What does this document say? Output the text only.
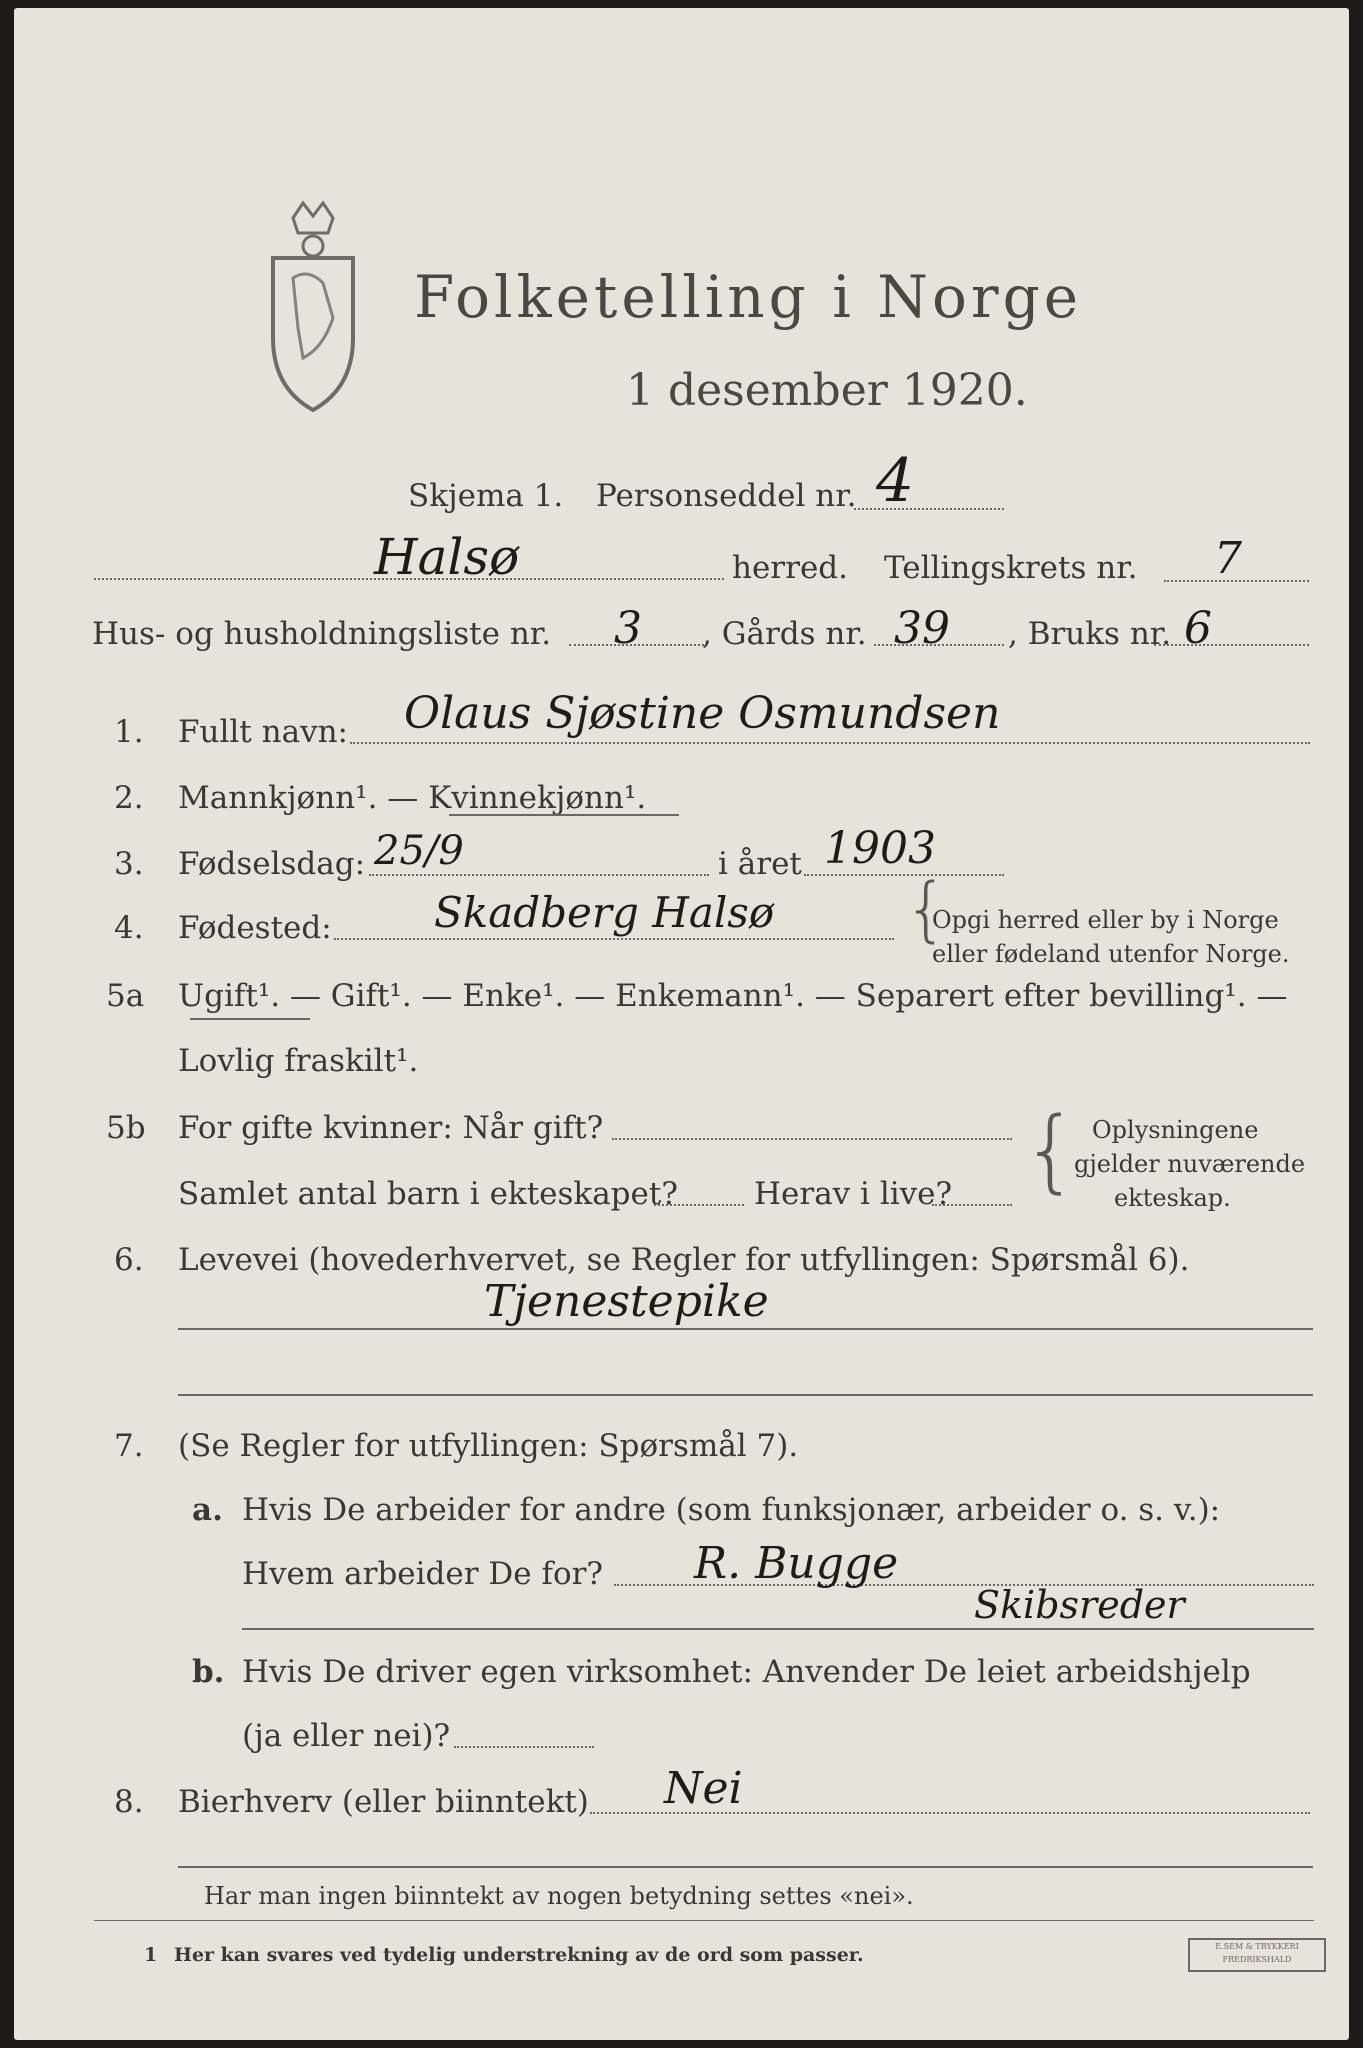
Folketelling i Norge
1 desember 1920.
Skjema 1. Personseddel nr. 4
Halsø	herred. Tellingskrets nr. 7
Hus- og husholdningsliste nr. 3 , Gårds nr. 39 , Bruks nr. 6
1. Fullt navn: Olaus Sjøstine Osmundsen
2. Mannkjønn¹. — Kvinnekjønn¹.
3. Fødselsdag: 25/9	i året 1903
4. Fødested: Skadberg Halsø {
Opgi herred eller by i Norge
eller fødeland utenfor Norge.
5a Ugift¹. — Gift¹. — Enke¹. — Enkemann¹. — Separert efter bevilling¹. —
Lovlig fraskilt¹.
5b For gifte kvinner: Når gift?
Samlet antal barn i ekteskapet? Herav i live? { Oplysningene
gjelder nuværende
ekteskap.
6. Levevei (hovederhvervet, se Regler for utfyllingen: Spørsmål 6).
Tjenestepike
7. (Se Regler for utfyllingen: Spørsmål 7).
a. Hvis De arbeider for andre (som funksjonær, arbeider o. s. v.):
Hvem arbeider De for? R. Bugge
Skibsreder
b. Hvis De driver egen virksomhet: Anvender De leiet arbeidshjelp
(ja eller nei)?
8. Bierhverv (eller biinntekt) Nei
Har man ingen biinntekt av nogen betydning settes «nei».
1 Her kan svares ved tydelig understrekning av de ord som passer.	E.SEM & TRYKKERI FREDRIKSHALD
